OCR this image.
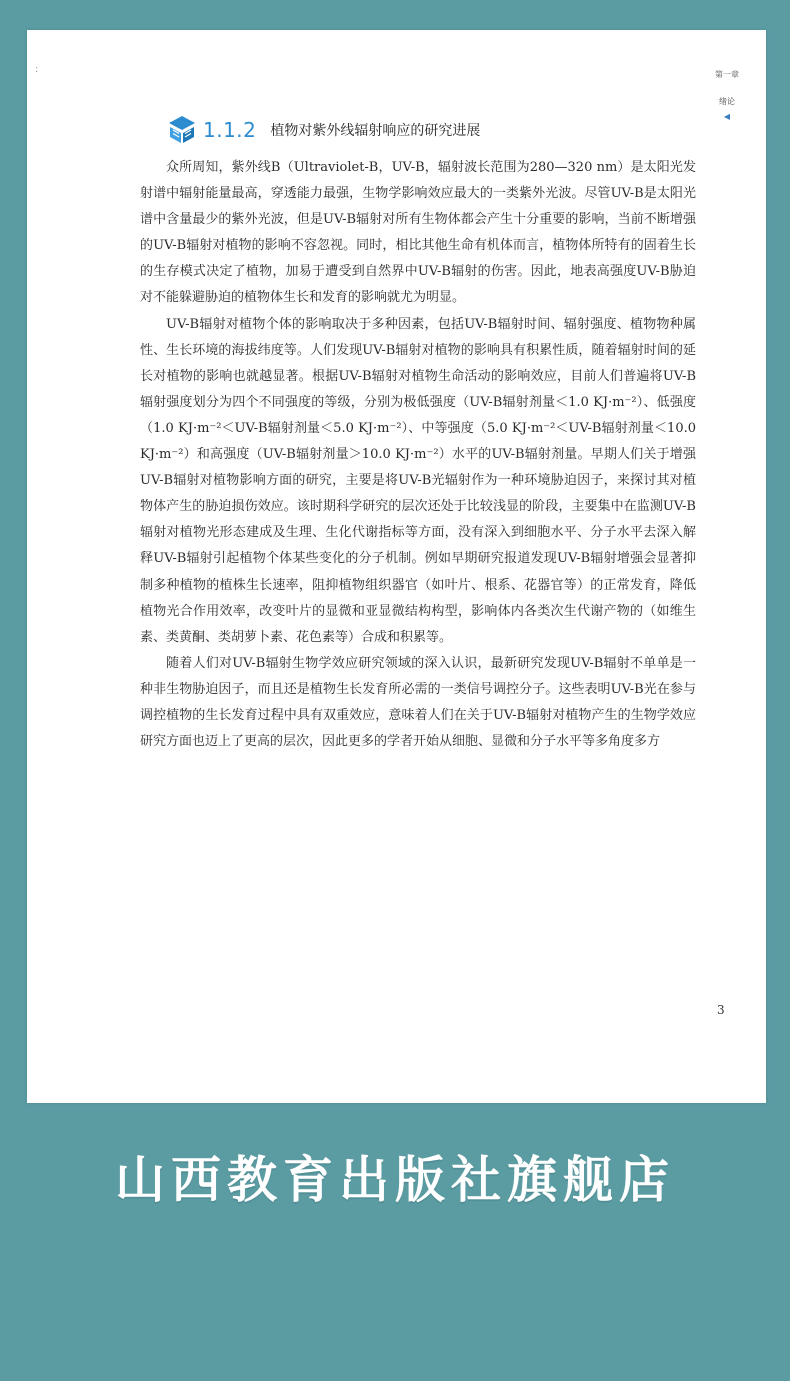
:	第一章
绪论
◀
1.1.2 植物对紫外线辐射响应的研究进展

众所周知，紫外线B（Ultraviolet-B，UV-B，辐射波长范围为280—320 nm）是太阳光发射谱中辐射能量最高，穿透能力最强，生物学影响效应最大的一类紫外光波。尽管UV-B是太阳光谱中含量最少的紫外光波，但是UV-B辐射对所有生物体都会产生十分重要的影响，当前不断增强的UV-B辐射对植物的影响不容忽视。同时，相比其他生命有机体而言，植物体所特有的固着生长的生存模式决定了植物，加易于遭受到自然界中UV-B辐射的伤害。因此，地表高强度UV-B胁迫对不能躲避胁迫的植物体生长和发育的影响就尤为明显。

UV-B辐射对植物个体的影响取决于多种因素，包括UV-B辐射时间、辐射强度、植物物种属性、生长环境的海拔纬度等。人们发现UV-B辐射对植物的影响具有积累性质，随着辐射时间的延长对植物的影响也就越显著。根据UV-B辐射对植物生命活动的影响效应，目前人们普遍将UV-B辐射强度划分为四个不同强度的等级，分别为极低强度（UV-B辐射剂量＜1.0 KJ·m⁻²）、低强度（1.0 KJ·m⁻²＜UV-B辐射剂量＜5.0 KJ·m⁻²）、中等强度（5.0 KJ·m⁻²＜UV-B辐射剂量＜10.0 KJ·m⁻²）和高强度（UV-B辐射剂量＞10.0 KJ·m⁻²）水平的UV-B辐射剂量。早期人们关于增强UV-B辐射对植物影响方面的研究，主要是将UV-B光辐射作为一种环境胁迫因子，来探讨其对植物体产生的胁迫损伤效应。该时期科学研究的层次还处于比较浅显的阶段，主要集中在监测UV-B辐射对植物光形态建成及生理、生化代谢指标等方面，没有深入到细胞水平、分子水平去深入解释UV-B辐射引起植物个体某些变化的分子机制。例如早期研究报道发现UV-B辐射增强会显著抑制多种植物的植株生长速率，阻抑植物组织器官（如叶片、根系、花器官等）的正常发育，降低植物光合作用效率，改变叶片的显微和亚显微结构构型，影响体内各类次生代谢产物的（如维生素、类黄酮、类胡萝卜素、花色素等）合成和积累等。

随着人们对UV-B辐射生物学效应研究领域的深入认识，最新研究发现UV-B辐射不单单是一种非生物胁迫因子，而且还是植物生长发育所必需的一类信号调控分子。这些表明UV-B光在参与调控植物的生长发育过程中具有双重效应，意味着人们在关于UV-B辐射对植物产生的生物学效应研究方面也迈上了更高的层次，因此更多的学者开始从细胞、显微和分子水平等多角度多方

3
山西教育出版社旗舰店
